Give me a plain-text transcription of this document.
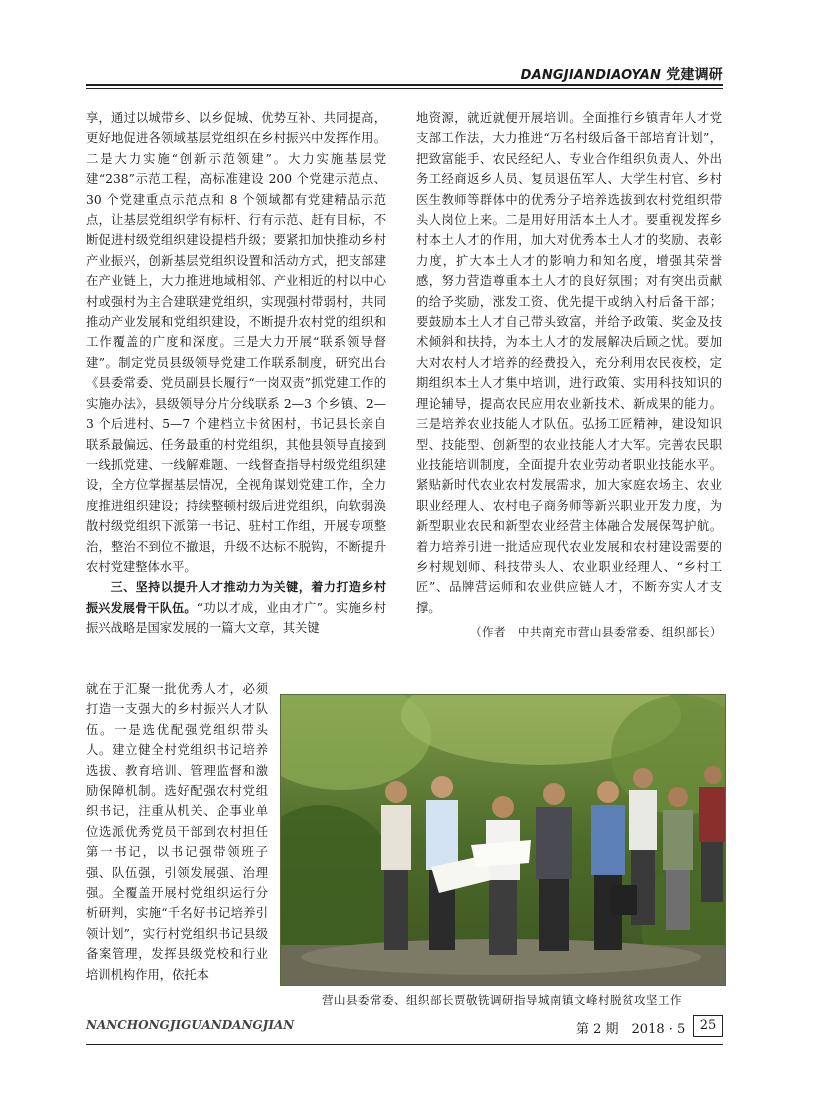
DANGJIANDIAOYAN 党建调研

享，通过以城带乡、以乡促城、优势互补、共同提高，更好地促进各领域基层党组织在乡村振兴中发挥作用。二是大力实施“创新示范领建”。大力实施基层党建“238”示范工程，高标准建设 200 个党建示范点、30 个党建重点示范点和 8 个领域都有党建精品示范点，让基层党组织学有标杆、行有示范、赶有目标，不断促进村级党组织建设提档升级；要紧扣加快推动乡村产业振兴，创新基层党组织设置和活动方式，把支部建在产业链上，大力推进地域相邻、产业相近的村以中心村或强村为主合建联建党组织，实现强村带弱村，共同推动产业发展和党组织建设，不断提升农村党的组织和工作覆盖的广度和深度。三是大力开展“联系领导督建”。制定党员县级领导党建工作联系制度，研究出台《县委常委、党员副县长履行“一岗双责”抓党建工作的实施办法》，县级领导分片分线联系 2—3 个乡镇、2—3 个后进村、5—7 个建档立卡贫困村，书记县长亲自联系最偏远、任务最重的村党组织，其他县领导直接到一线抓党建、一线解难题、一线督查指导村级党组织建设，全方位掌握基层情况，全视角谋划党建工作，全力度推进组织建设；持续整顿村级后进党组织，向软弱涣散村级党组织下派第一书记、驻村工作组，开展专项整治，整治不到位不撤退，升级不达标不脱钩，不断提升农村党建整体水平。

三、坚持以提升人才推动力为关键，着力打造乡村振兴发展骨干队伍。“功以才成，业由才广”。实施乡村振兴战略是国家发展的一篇大文章，其关键

就在于汇聚一批优秀人才，必须打造一支强大的乡村振兴人才队伍。一是选优配强党组织带头人。建立健全村党组织书记培养选拔、教育培训、管理监督和激励保障机制。选好配强农村党组织书记，注重从机关、企事业单位选派优秀党员干部到农村担任第一书记，以书记强带领班子强、队伍强，引领发展强、治理强。全覆盖开展村党组织运行分析研判，实施“千名好书记培养引领计划”，实行村党组织书记县级备案管理，发挥县级党校和行业培训机构作用，依托本

地资源，就近就便开展培训。全面推行乡镇青年人才党支部工作法，大力推进“万名村级后备干部培育计划”，把致富能手、农民经纪人、专业合作组织负责人、外出务工经商返乡人员、复员退伍军人、大学生村官、乡村医生教师等群体中的优秀分子培养选拔到农村党组织带头人岗位上来。二是用好用活本土人才。要重视发挥乡村本土人才的作用，加大对优秀本土人才的奖励、表彰力度，扩大本土人才的影响力和知名度，增强其荣誉感，努力营造尊重本土人才的良好氛围；对有突出贡献的给予奖励，涨发工资、优先提干或纳入村后备干部；要鼓励本土人才自己带头致富，并给予政策、奖金及技术倾斜和扶持，为本土人才的发展解决后顾之忧。要加大对农村人才培养的经费投入，充分利用农民夜校，定期组织本土人才集中培训，进行政策、实用科技知识的理论辅导，提高农民应用农业新技术、新成果的能力。三是培养农业技能人才队伍。弘扬工匠精神，建设知识型、技能型、创新型的农业技能人才大军。完善农民职业技能培训制度，全面提升农业劳动者职业技能水平。紧贴新时代农业农村发展需求，加大家庭农场主、农业职业经理人、农村电子商务师等新兴职业开发力度，为新型职业农民和新型农业经营主体融合发展保驾护航。着力培养引进一批适应现代农业发展和农村建设需要的乡村规划师、科技带头人、农业职业经理人、“乡村工匠”、品牌营运师和农业供应链人才，不断夯实人才支撑。

（作者　中共南充市营山县委常委、组织部长）

营山县委常委、组织部长贾敬铣调研指导城南镇文峰村脱贫攻坚工作
NANCHONGJIGUANDANGJIAN	第 2 期　2018 · 5	25
